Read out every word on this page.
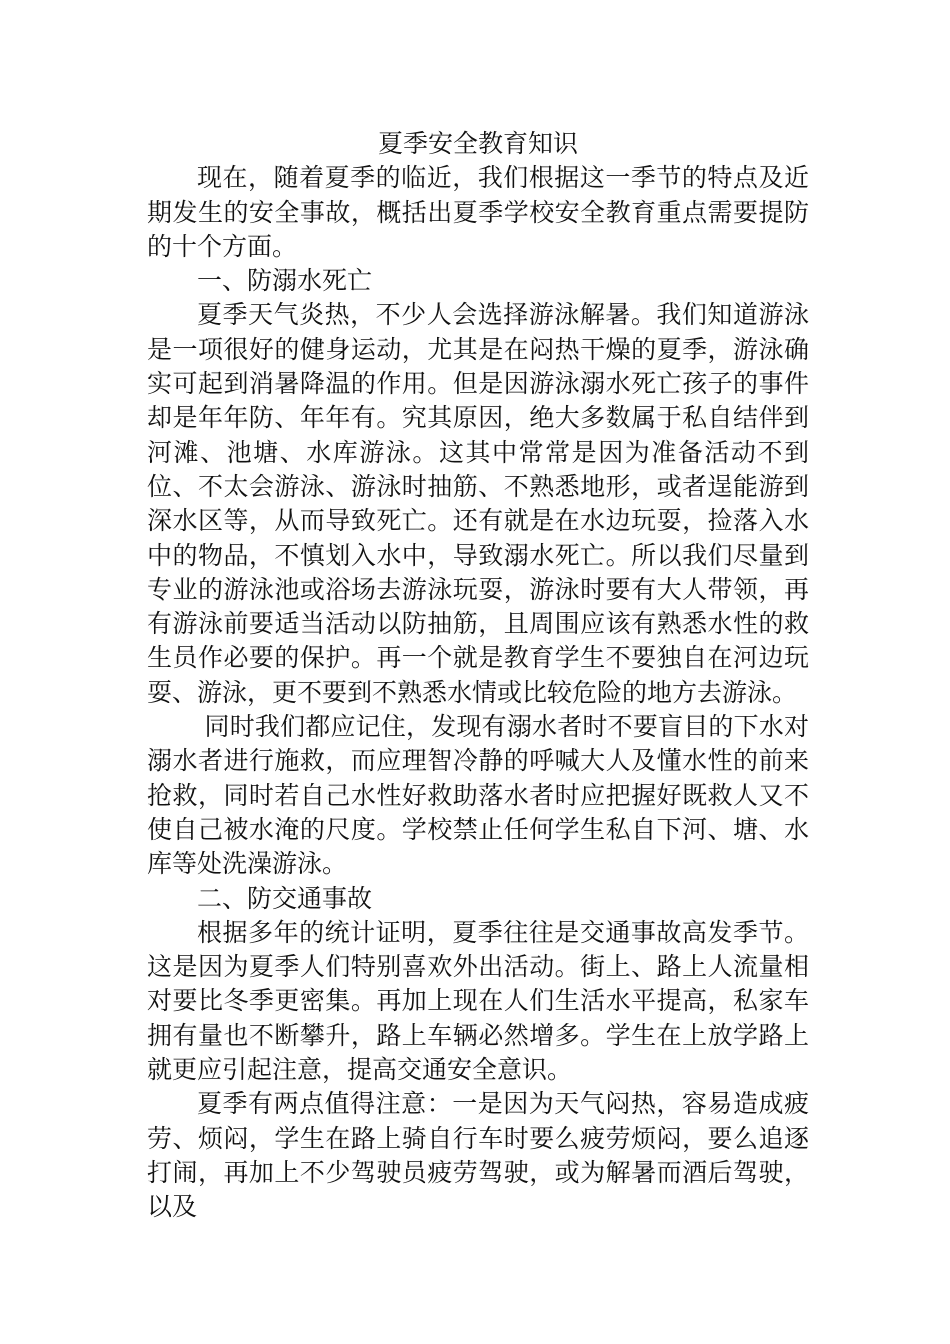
夏季安全教育知识

现在，随着夏季的临近，我们根据这一季节的特点及近期发生的安全事故，概括出夏季学校安全教育重点需要提防的十个方面。

一、防溺水死亡

夏季天气炎热，不少人会选择游泳解暑。我们知道游泳是一项很好的健身运动，尤其是在闷热干燥的夏季，游泳确实可起到消暑降温的作用。但是因游泳溺水死亡孩子的事件却是年年防、年年有。究其原因，绝大多数属于私自结伴到河滩、池塘、水库游泳。这其中常常是因为准备活动不到位、不太会游泳、游泳时抽筋、不熟悉地形，或者逞能游到深水区等，从而导致死亡。还有就是在水边玩耍，捡落入水中的物品，不慎划入水中，导致溺水死亡。所以我们尽量到专业的游泳池或浴场去游泳玩耍，游泳时要有大人带领，再有游泳前要适当活动以防抽筋，且周围应该有熟悉水性的救生员作必要的保护。再一个就是教育学生不要独自在河边玩耍、游泳，更不要到不熟悉水情或比较危险的地方去游泳。

同时我们都应记住，发现有溺水者时不要盲目的下水对溺水者进行施救，而应理智冷静的呼喊大人及懂水性的前来抢救，同时若自己水性好救助落水者时应把握好既救人又不使自己被水淹的尺度。学校禁止任何学生私自下河、塘、水库等处洗澡游泳。

二、防交通事故

根据多年的统计证明，夏季往往是交通事故高发季节。这是因为夏季人们特别喜欢外出活动。街上、路上人流量相对要比冬季更密集。再加上现在人们生活水平提高，私家车拥有量也不断攀升，路上车辆必然增多。学生在上放学路上就更应引起注意，提高交通安全意识。

夏季有两点值得注意：一是因为天气闷热，容易造成疲劳、烦闷，学生在路上骑自行车时要么疲劳烦闷，要么追逐打闹，再加上不少驾驶员疲劳驾驶，或为解暑而酒后驾驶，以及
